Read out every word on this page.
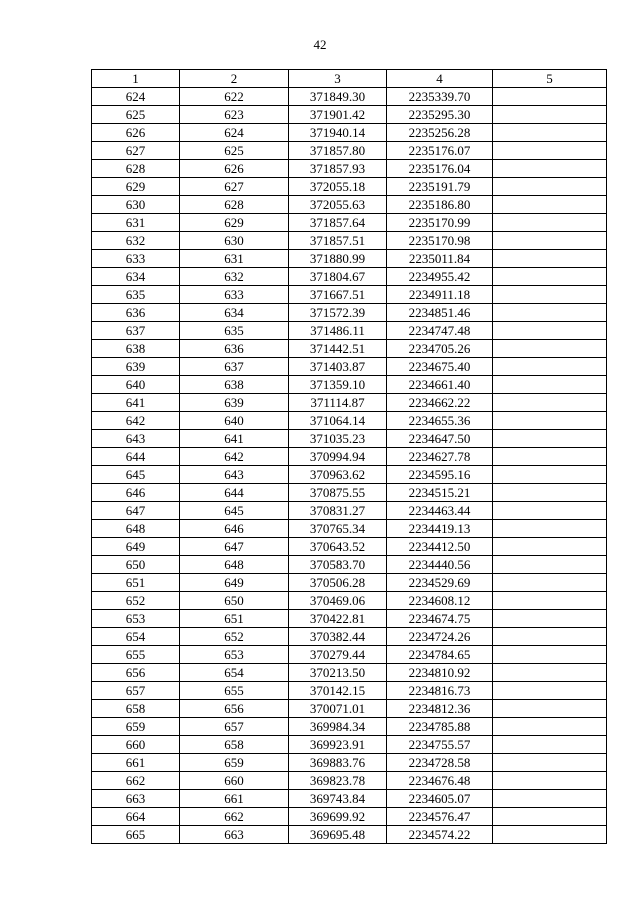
42
1	2	3	4	5
624	622	371849.30	2235339.70	
625	623	371901.42	2235295.30	
626	624	371940.14	2235256.28	
627	625	371857.80	2235176.07	
628	626	371857.93	2235176.04	
629	627	372055.18	2235191.79	
630	628	372055.63	2235186.80	
631	629	371857.64	2235170.99	
632	630	371857.51	2235170.98	
633	631	371880.99	2235011.84	
634	632	371804.67	2234955.42	
635	633	371667.51	2234911.18	
636	634	371572.39	2234851.46	
637	635	371486.11	2234747.48	
638	636	371442.51	2234705.26	
639	637	371403.87	2234675.40	
640	638	371359.10	2234661.40	
641	639	371114.87	2234662.22	
642	640	371064.14	2234655.36	
643	641	371035.23	2234647.50	
644	642	370994.94	2234627.78	
645	643	370963.62	2234595.16	
646	644	370875.55	2234515.21	
647	645	370831.27	2234463.44	
648	646	370765.34	2234419.13	
649	647	370643.52	2234412.50	
650	648	370583.70	2234440.56	
651	649	370506.28	2234529.69	
652	650	370469.06	2234608.12	
653	651	370422.81	2234674.75	
654	652	370382.44	2234724.26	
655	653	370279.44	2234784.65	
656	654	370213.50	2234810.92	
657	655	370142.15	2234816.73	
658	656	370071.01	2234812.36	
659	657	369984.34	2234785.88	
660	658	369923.91	2234755.57	
661	659	369883.76	2234728.58	
662	660	369823.78	2234676.48	
663	661	369743.84	2234605.07	
664	662	369699.92	2234576.47	
665	663	369695.48	2234574.22	
